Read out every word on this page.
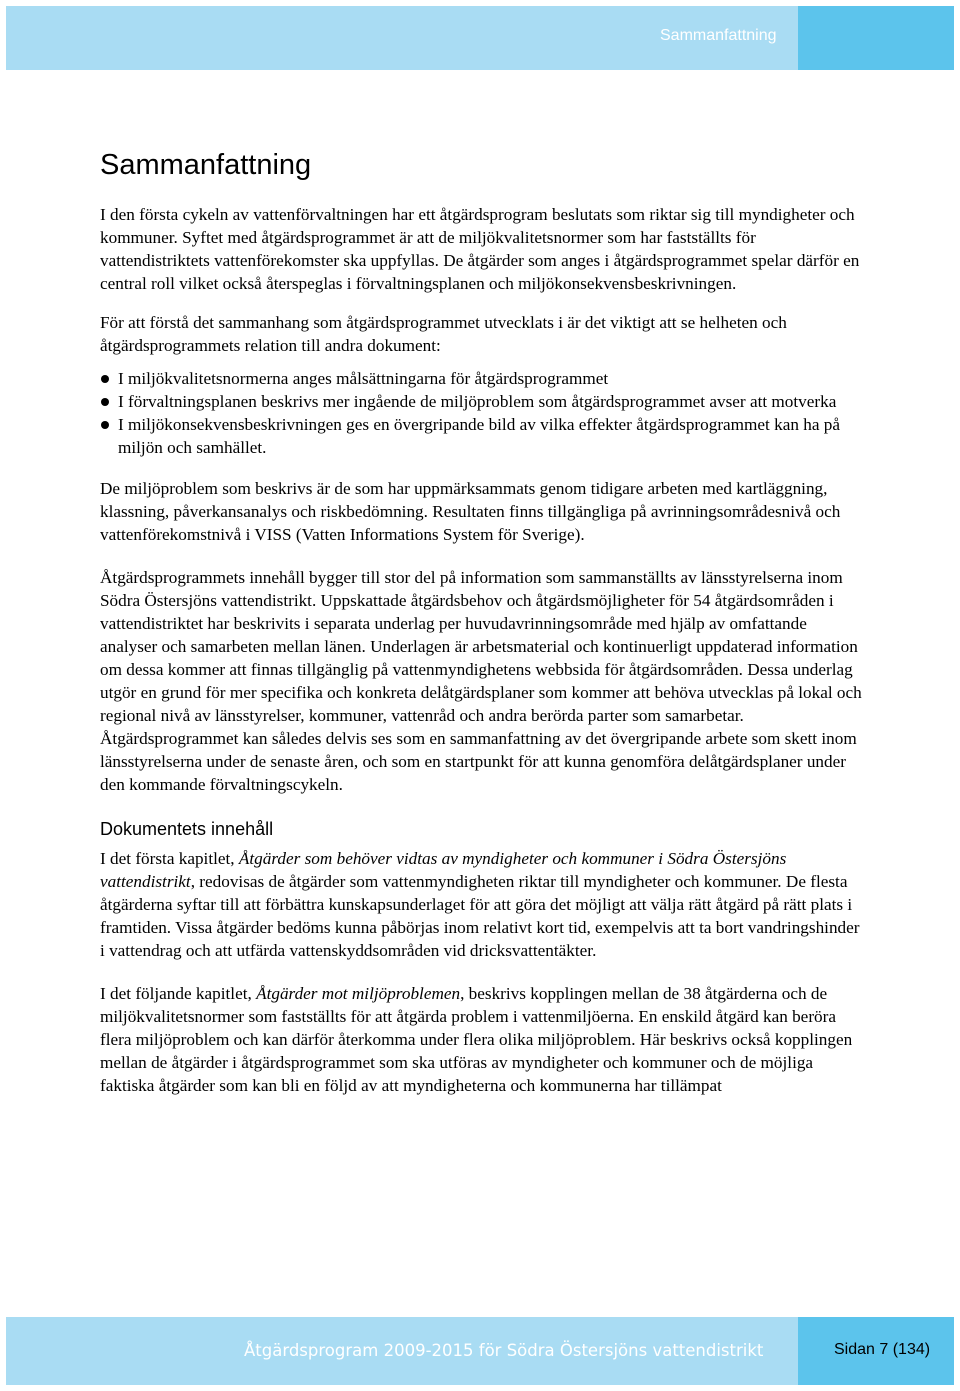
Sammanfattning
Sammanfattning

I den första cykeln av vattenförvaltningen har ett åtgärdsprogram beslutats som riktar sig till myndigheter och kommuner. Syftet med åtgärdsprogrammet är att de miljökvalitetsnormer som har fastställts för vattendistriktets vattenförekomster ska uppfyllas. De åtgärder som anges i åtgärdsprogrammet spelar därför en central roll vilket också återspeglas i förvaltningsplanen och miljökonsekvensbeskrivningen.

För att förstå det sammanhang som åtgärdsprogrammet utvecklats i är det viktigt att se helheten och åtgärdsprogrammets relation till andra dokument:

I miljökvalitetsnormerna anges målsättningarna för åtgärdsprogrammet
I förvaltningsplanen beskrivs mer ingående de miljöproblem som åtgärdsprogrammet avser att motverka
I miljökonsekvensbeskrivningen ges en övergripande bild av vilka effekter åtgärdsprogrammet kan ha på miljön och samhället.

De miljöproblem som beskrivs är de som har uppmärksammats genom tidigare arbeten med kartläggning, klassning, påverkansanalys och riskbedömning. Resultaten finns tillgängliga på avrinningsområdesnivå och vattenförekomstnivå i VISS (Vatten Informations System för Sverige).

Åtgärdsprogrammets innehåll bygger till stor del på information som sammanställts av länsstyrelserna inom Södra Östersjöns vattendistrikt. Uppskattade åtgärdsbehov och åtgärdsmöjligheter för 54 åtgärdsområden i vattendistriktet har beskrivits i separata underlag per huvudavrinningsområde med hjälp av omfattande analyser och samarbeten mellan länen. Underlagen är arbetsmaterial och kontinuerligt uppdaterad information om dessa kommer att finnas tillgänglig på vattenmyndighetens webbsida för åtgärdsområden. Dessa underlag utgör en grund för mer specifika och konkreta delåtgärdsplaner som kommer att behöva utvecklas på lokal och regional nivå av länsstyrelser, kommuner, vattenråd och andra berörda parter som samarbetar. Åtgärdsprogrammet kan således delvis ses som en sammanfattning av det övergripande arbete som skett inom länsstyrelserna under de senaste åren, och som en startpunkt för att kunna genomföra delåtgärdsplaner under den kommande förvaltningscykeln.

Dokumentets innehåll

I det första kapitlet, Åtgärder som behöver vidtas av myndigheter och kommuner i Södra Östersjöns vattendistrikt, redovisas de åtgärder som vattenmyndigheten riktar till myndigheter och kommuner. De flesta åtgärderna syftar till att förbättra kunskapsunderlaget för att göra det möjligt att välja rätt åtgärd på rätt plats i framtiden. Vissa åtgärder bedöms kunna påbörjas inom relativt kort tid, exempelvis att ta bort vandringshinder i vattendrag och att utfärda vattenskyddsområden vid dricksvattentäkter.

I det följande kapitlet, Åtgärder mot miljöproblemen, beskrivs kopplingen mellan de 38 åtgärderna och de miljökvalitetsnormer som fastställts för att åtgärda problem i vattenmiljöerna. En enskild åtgärd kan beröra flera miljöproblem och kan därför återkomma under flera olika miljöproblem. Här beskrivs också kopplingen mellan de åtgärder i åtgärdsprogrammet som ska utföras av myndigheter och kommuner och de möjliga faktiska åtgärder som kan bli en följd av att myndigheterna och kommunerna har tillämpat

Åtgärdsprogram 2009-2015 för Södra Östersjöns vattendistrikt	Sidan 7 (134)
